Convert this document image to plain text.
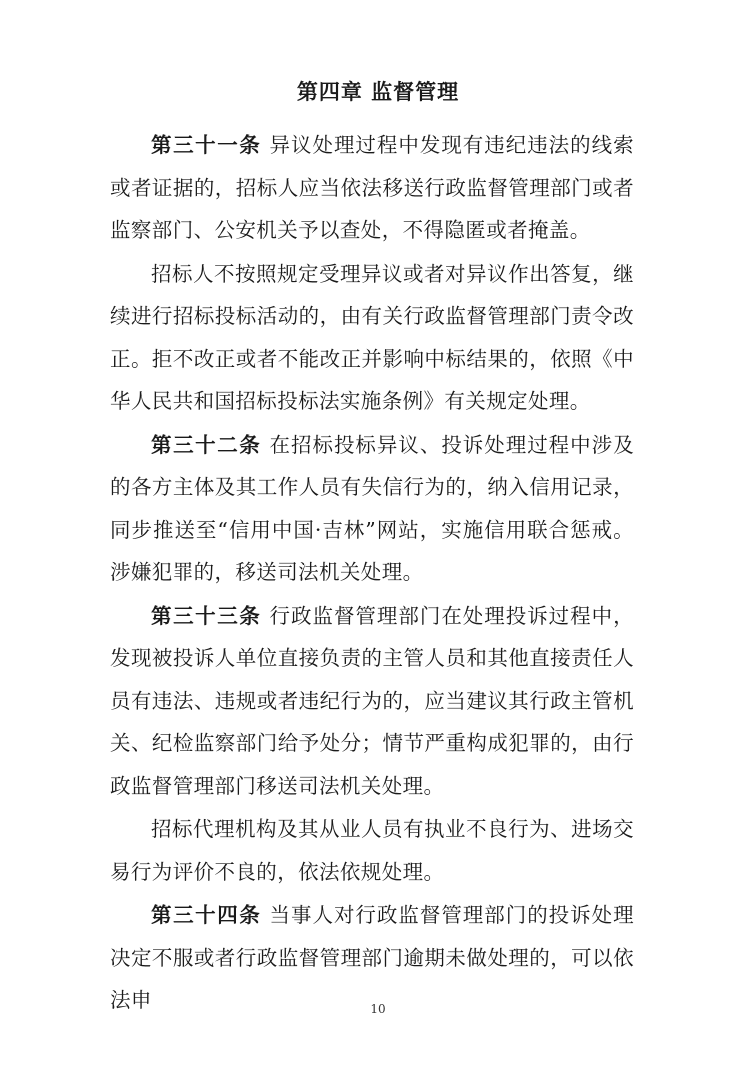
第四章 监督管理

第三十一条 异议处理过程中发现有违纪违法的线索或者证据的，招标人应当依法移送行政监督管理部门或者监察部门、公安机关予以查处，不得隐匿或者掩盖。

招标人不按照规定受理异议或者对异议作出答复，继续进行招标投标活动的，由有关行政监督管理部门责令改正。拒不改正或者不能改正并影响中标结果的，依照《中华人民共和国招标投标法实施条例》有关规定处理。

第三十二条 在招标投标异议、投诉处理过程中涉及的各方主体及其工作人员有失信行为的，纳入信用记录，同步推送至“信用中国·吉林”网站，实施信用联合惩戒。涉嫌犯罪的，移送司法机关处理。

第三十三条 行政监督管理部门在处理投诉过程中，发现被投诉人单位直接负责的主管人员和其他直接责任人员有违法、违规或者违纪行为的，应当建议其行政主管机关、纪检监察部门给予处分；情节严重构成犯罪的，由行政监督管理部门移送司法机关处理。

招标代理机构及其从业人员有执业不良行为、进场交易行为评价不良的，依法依规处理。

第三十四条 当事人对行政监督管理部门的投诉处理决定不服或者行政监督管理部门逾期未做处理的，可以依法申	10
